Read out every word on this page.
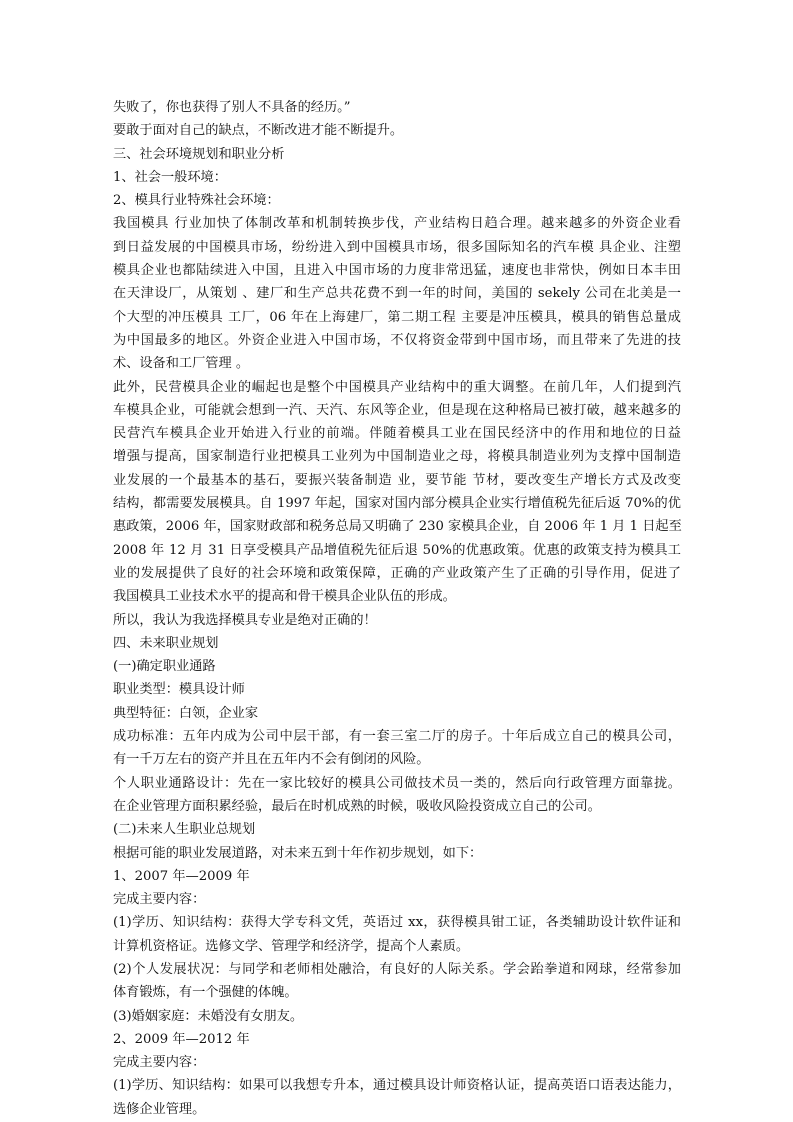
失败了，你也获得了别人不具备的经历。”
要敢于面对自己的缺点，不断改进才能不断提升。
三、社会环境规划和职业分析
1、社会一般环境：
2、模具行业特殊社会环境：
我国模具 行业加快了体制改革和机制转换步伐，产业结构日趋合理。越来越多的外资企业看
到日益发展的中国模具市场，纷纷进入到中国模具市场，很多国际知名的汽车模 具企业、注塑
模具企业也都陆续进入中国，且进入中国市场的力度非常迅猛，速度也非常快，例如日本丰田
在天津设厂，从策划 、建厂和生产总共花费不到一年的时间，美国的 sekely 公司在北美是一
个大型的冲压模具 工厂，06 年在上海建厂，第二期工程 主要是冲压模具，模具的销售总量成
为中国最多的地区。外资企业进入中国市场，不仅将资金带到中国市场，而且带来了先进的技
术、设备和工厂管理 。
此外，民营模具企业的崛起也是整个中国模具产业结构中的重大调整。在前几年，人们提到汽
车模具企业，可能就会想到一汽、天汽、东风等企业，但是现在这种格局已被打破，越来越多的
民营汽车模具企业开始进入行业的前端。伴随着模具工业在国民经济中的作用和地位的日益
增强与提高，国家制造行业把模具工业列为中国制造业之母，将模具制造业列为支撑中国制造
业发展的一个最基本的基石，要振兴装备制造 业，要节能 节材，要改变生产增长方式及改变
结构，都需要发展模具。自 1997 年起，国家对国内部分模具企业实行增值税先征后返 70%的优
惠政策，2006 年，国家财政部和税务总局又明确了 230 家模具企业，自 2006 年 1 月 1 日起至
2008 年 12 月 31 日享受模具产品增值税先征后退 50%的优惠政策。优惠的政策支持为模具工
业的发展提供了良好的社会环境和政策保障，正确的产业政策产生了正确的引导作用，促进了
我国模具工业技术水平的提高和骨干模具企业队伍的形成。
所以，我认为我选择模具专业是绝对正确的！
四、未来职业规划
(一)确定职业通路
职业类型：模具设计师
典型特征：白领，企业家
成功标准：五年内成为公司中层干部，有一套三室二厅的房子。十年后成立自己的模具公司，
有一千万左右的资产并且在五年内不会有倒闭的风险。
个人职业通路设计：先在一家比较好的模具公司做技术员一类的，然后向行政管理方面靠拢。
在企业管理方面积累经验，最后在时机成熟的时候，吸收风险投资成立自己的公司。
(二)未来人生职业总规划
根据可能的职业发展道路，对未来五到十年作初步规划，如下：
1、2007 年—2009 年
完成主要内容：
(1)学历、知识结构：获得大学专科文凭，英语过 xx，获得模具钳工证，各类辅助设计软件证和
计算机资格证。选修文学、管理学和经济学，提高个人素质。
(2)个人发展状况：与同学和老师相处融洽，有良好的人际关系。学会跆拳道和网球，经常参加
体育锻炼，有一个强健的体魄。
(3)婚姻家庭：未婚没有女朋友。
2、2009 年—2012 年
完成主要内容：
(1)学历、知识结构：如果可以我想专升本，通过模具设计师资格认证，提高英语口语表达能力，
选修企业管理。
